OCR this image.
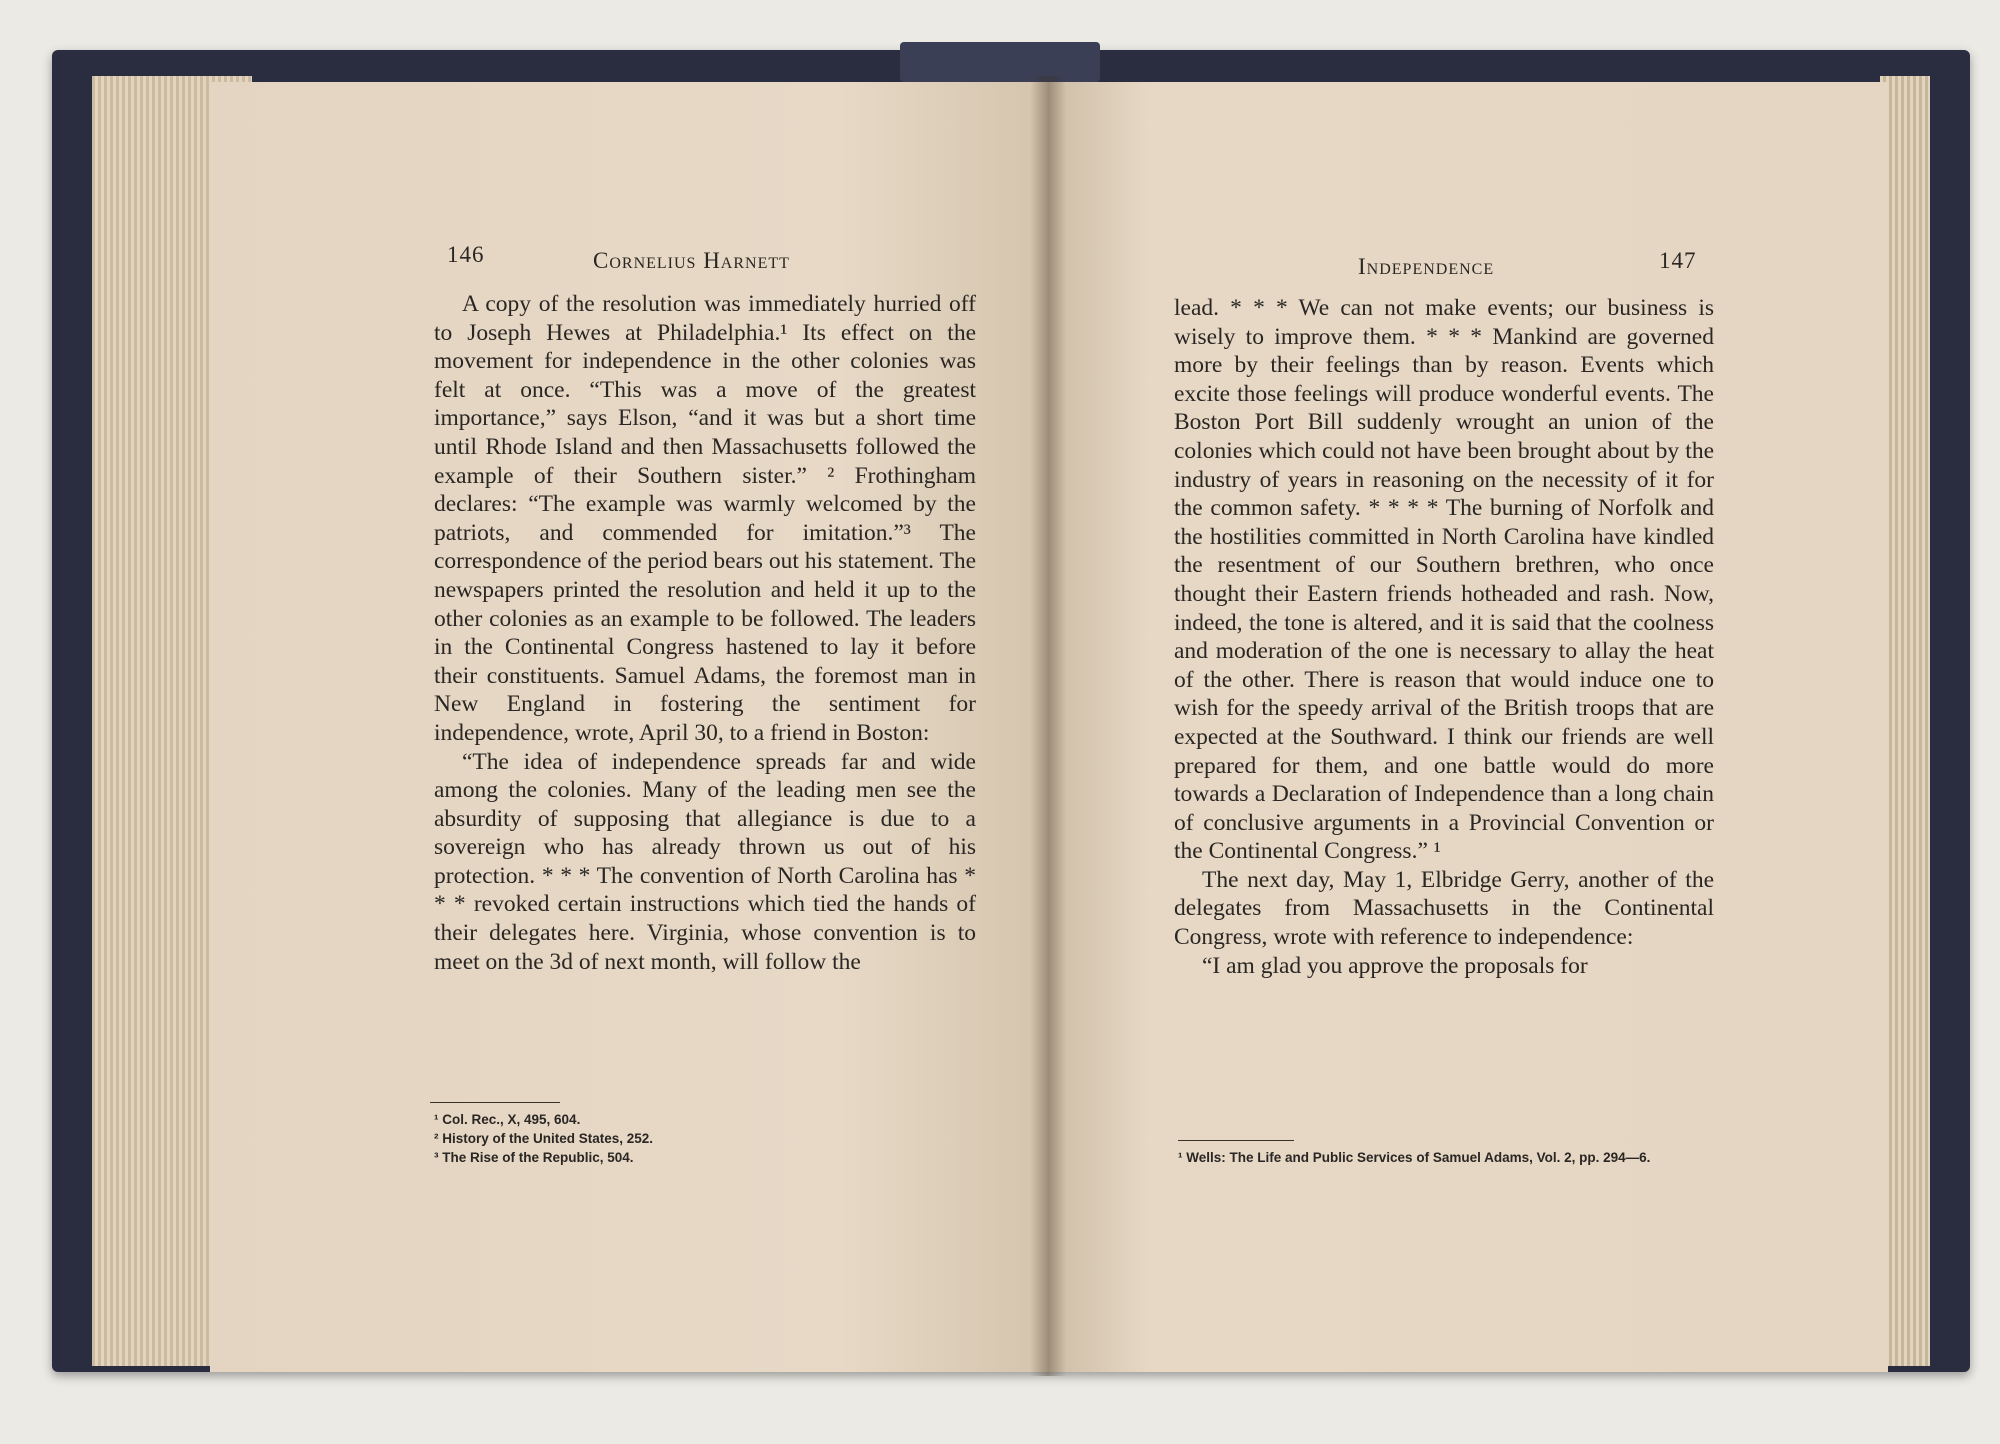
146	Cornelius Harnett

A copy of the resolution was immediately hurried off to Joseph Hewes at Philadelphia.¹ Its effect on the movement for independence in the other colonies was felt at once. “This was a move of the greatest importance,” says Elson, “and it was but a short time until Rhode Island and then Massachusetts followed the example of their Southern sister.” ² Frothingham declares: “The example was warmly welcomed by the patriots, and commended for imitation.”³ The correspondence of the period bears out his statement. The newspapers printed the resolution and held it up to the other colonies as an example to be followed. The leaders in the Continental Congress hastened to lay it before their constituents. Samuel Adams, the foremost man in New England in fostering the sentiment for independence, wrote, April 30, to a friend in Boston:

“The idea of independence spreads far and wide among the colonies. Many of the leading men see the absurdity of supposing that allegiance is due to a sovereign who has already thrown us out of his protection. * * * The convention of North Carolina has * * * revoked certain instructions which tied the hands of their delegates here. Virginia, whose convention is to meet on the 3d of next month, will follow the

¹ Col. Rec., X, 495, 604.
² History of the United States, 252.
³ The Rise of the Republic, 504.
Independence	147

lead. * * * We can not make events; our business is wisely to improve them. * * * Mankind are governed more by their feelings than by reason. Events which excite those feelings will produce wonderful events. The Boston Port Bill suddenly wrought an union of the colonies which could not have been brought about by the industry of years in reasoning on the necessity of it for the common safety. * * * * The burning of Norfolk and the hostilities committed in North Carolina have kindled the resentment of our Southern brethren, who once thought their Eastern friends hotheaded and rash. Now, indeed, the tone is altered, and it is said that the coolness and moderation of the one is necessary to allay the heat of the other. There is reason that would induce one to wish for the speedy arrival of the British troops that are expected at the Southward. I think our friends are well prepared for them, and one battle would do more towards a Declaration of Independence than a long chain of conclusive arguments in a Provincial Convention or the Continental Congress.” ¹

The next day, May 1, Elbridge Gerry, another of the delegates from Massachusetts in the Continental Congress, wrote with reference to independence:

“I am glad you approve the proposals for

¹ Wells: The Life and Public Services of Samuel Adams, Vol. 2, pp. 294—6.
